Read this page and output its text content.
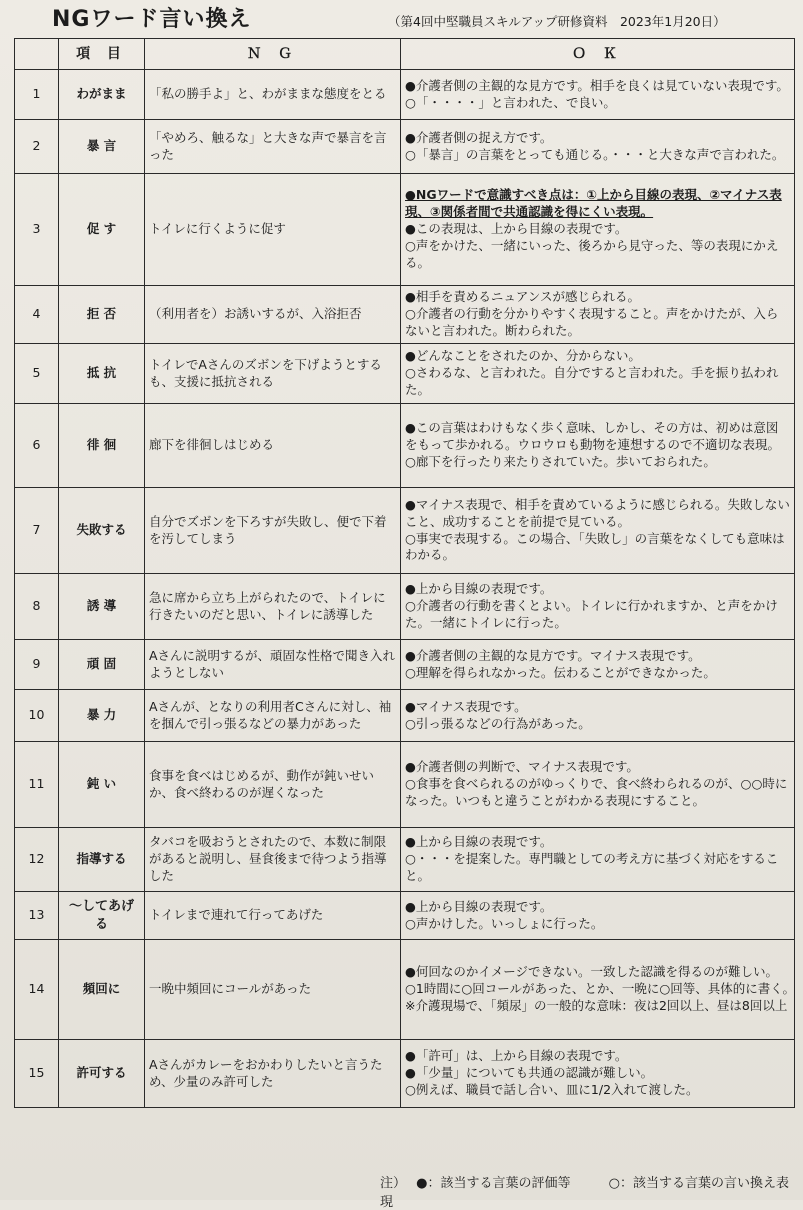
NGワード言い換え	（第4回中堅職員スキルアップ研修資料　2023年1月20日）
	項 目	Ｎ Ｇ	Ｏ Ｋ
1	わがまま	「私の勝手よ」と、わがままな態度をとる	●介護者側の主観的な見方です。相手を良くは見ていない表現です。
○「・・・・」と言われた、で良い。

2	暴 言	「やめろ、触るな」と大きな声で暴言を言った	●介護者側の捉え方です。
○「暴言」の言葉をとっても通じる。・・・と大きな声で言われた。

3	促 す	トイレに行くように促す	●NGワードで意識すべき点は：①上から目線の表現、②マイナス表現、③関係者間で共通認識を得にくい表現。
●この表現は、上から目線の表現です。
○声をかけた、一緒にいった、後ろから見守った、等の表現にかえる。

4	拒 否	（利用者を）お誘いするが、入浴拒否	●相手を責めるニュアンスが感じられる。
○介護者の行動を分かりやすく表現すること。声をかけたが、入らないと言われた。断わられた。

5	抵 抗	トイレでAさんのズボンを下げようとするも、支援に抵抗される	●どんなことをされたのか、分からない。
○さわるな、と言われた。自分ですると言われた。手を振り払われた。

6	徘 徊	廊下を徘徊しはじめる	●この言葉はわけもなく歩く意味、しかし、その方は、初めは意図をもって歩かれる。ウロウロも動物を連想するので不適切な表現。
○廊下を行ったり来たりされていた。歩いておられた。

7	失敗する	自分でズボンを下ろすが失敗し、便で下着を汚してしまう	●マイナス表現で、相手を責めているように感じられる。失敗しないこと、成功することを前提で見ている。
○事実で表現する。この場合、「失敗し」の言葉をなくしても意味はわかる。

8	誘 導	急に席から立ち上がられたので、トイレに行きたいのだと思い、トイレに誘導した	●上から目線の表現です。
○介護者の行動を書くとよい。トイレに行かれますか、と声をかけた。一緒にトイレに行った。

9	頑 固	Aさんに説明するが、頑固な性格で聞き入れようとしない	●介護者側の主観的な見方です。マイナス表現です。
○理解を得られなかった。伝わることができなかった。

10	暴 力	Aさんが、となりの利用者Cさんに対し、袖を掴んで引っ張るなどの暴力があった	●マイナス表現です。
○引っ張るなどの行為があった。

11	鈍 い	食事を食べはじめるが、動作が鈍いせいか、食べ終わるのが遅くなった	●介護者側の判断で、マイナス表現です。
○食事を食べられるのがゆっくりで、食べ終わられるのが、○○時になった。いつもと違うことがわかる表現にすること。

12	指導する	タバコを吸おうとされたので、本数に制限があると説明し、昼食後まで待つよう指導した	●上から目線の表現です。
○・・・を提案した。専門職としての考え方に基づく対応をすること。

13	～してあげる	トイレまで連れて行ってあげた	●上から目線の表現です。
○声かけした。いっしょに行った。

14	頻回に	一晩中頻回にコールがあった	●何回なのかイメージできない。一致した認識を得るのが難しい。
○1時間に○回コールがあった、とか、一晩に○回等、具体的に書く。　※介護現場で、「頻尿」の一般的な意味：夜は2回以上、昼は8回以上

15	許可する	Aさんがカレーをおかわりしたいと言うため、少量のみ許可した	●「許可」は、上から目線の表現です。
●「少量」についても共通の認識が難しい。
○例えば、職員で話し合い、皿に1/2入れて渡した。
注） ●：該当する言葉の評価等	○：該当する言葉の言い換え表現
